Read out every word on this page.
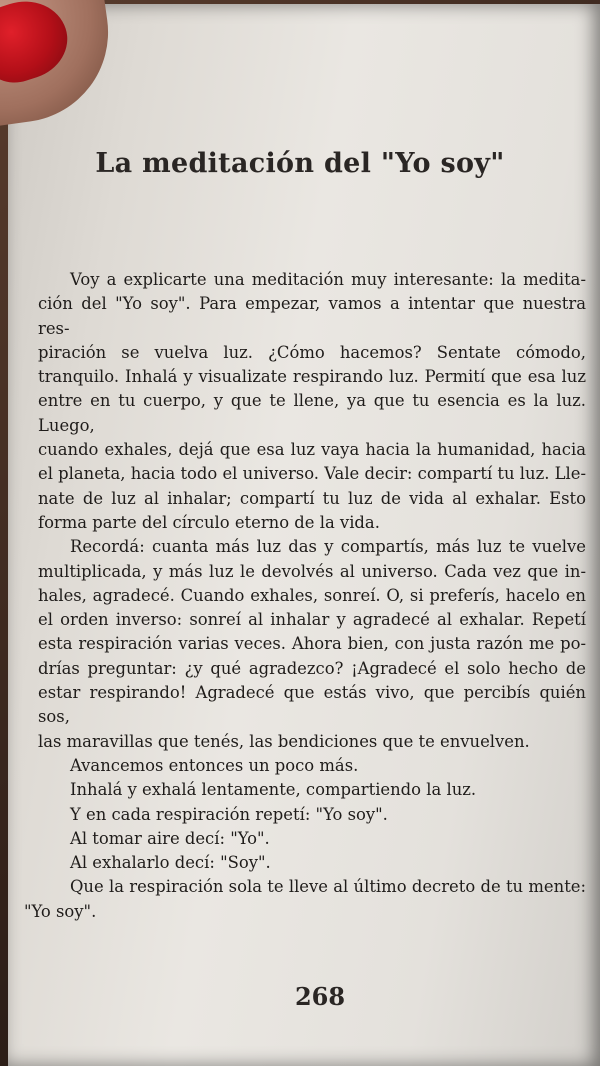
La meditación del "Yo soy"
Voy a explicarte una meditación muy interesante: la medita-
ción del "Yo soy". Para empezar, vamos a intentar que nuestra res-
piración se vuelva luz. ¿Cómo hacemos? Sentate cómodo,
tranquilo. Inhalá y visualizate respirando luz. Permití que esa luz
entre en tu cuerpo, y que te llene, ya que tu esencia es la luz. Luego,
cuando exhales, dejá que esa luz vaya hacia la humanidad, hacia
el planeta, hacia todo el universo. Vale decir: compartí tu luz. Lle-
nate de luz al inhalar; compartí tu luz de vida al exhalar. Esto
forma parte del círculo eterno de la vida.
Recordá: cuanta más luz das y compartís, más luz te vuelve
multiplicada, y más luz le devolvés al universo. Cada vez que in-
hales, agradecé. Cuando exhales, sonreí. O, si preferís, hacelo en
el orden inverso: sonreí al inhalar y agradecé al exhalar. Repetí
esta respiración varias veces. Ahora bien, con justa razón me po-
drías preguntar: ¿y qué agradezco? ¡Agradecé el solo hecho de
estar respirando! Agradecé que estás vivo, que percibís quién sos,
las maravillas que tenés, las bendiciones que te envuelven.
Avancemos entonces un poco más.
Inhalá y exhalá lentamente, compartiendo la luz.
Y en cada respiración repetí: "Yo soy".
Al tomar aire decí: "Yo".
Al exhalarlo decí: "Soy".
Que la respiración sola te lleve al último decreto de tu mente:
"Yo soy".
268
